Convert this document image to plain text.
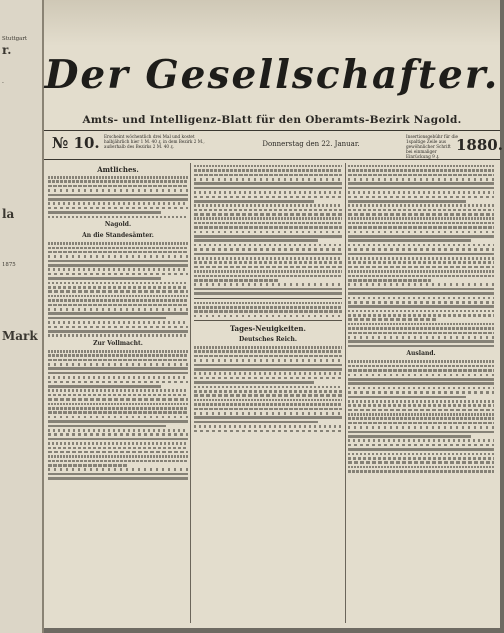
Stuttgart
r.
-
la
1875
Mark
Der Gesellschafter.
Amts- und Intelligenz-Blatt für den Oberamts-Bezirk Nagold.
№ 10. Erscheint wöchentlich drei Mal und kostet halbjährlich hier 1 M. 40 ₰, in dem Bezirk 2 M., außerhalb des Bezirks 2 M. 40 ₰.	Donnerstag den 22. Januar.
Insertionsgebühr für die 1spaltige Zeile aus gewöhnlicher Schrift bei einmaliger Einrückung 9 ₰.
1880.
Amtliches.
Nagold.
An die Standesämter.
Zur Vollmacht.
Tages-Neuigkeiten.
Deutsches Reich.
Ausland.
